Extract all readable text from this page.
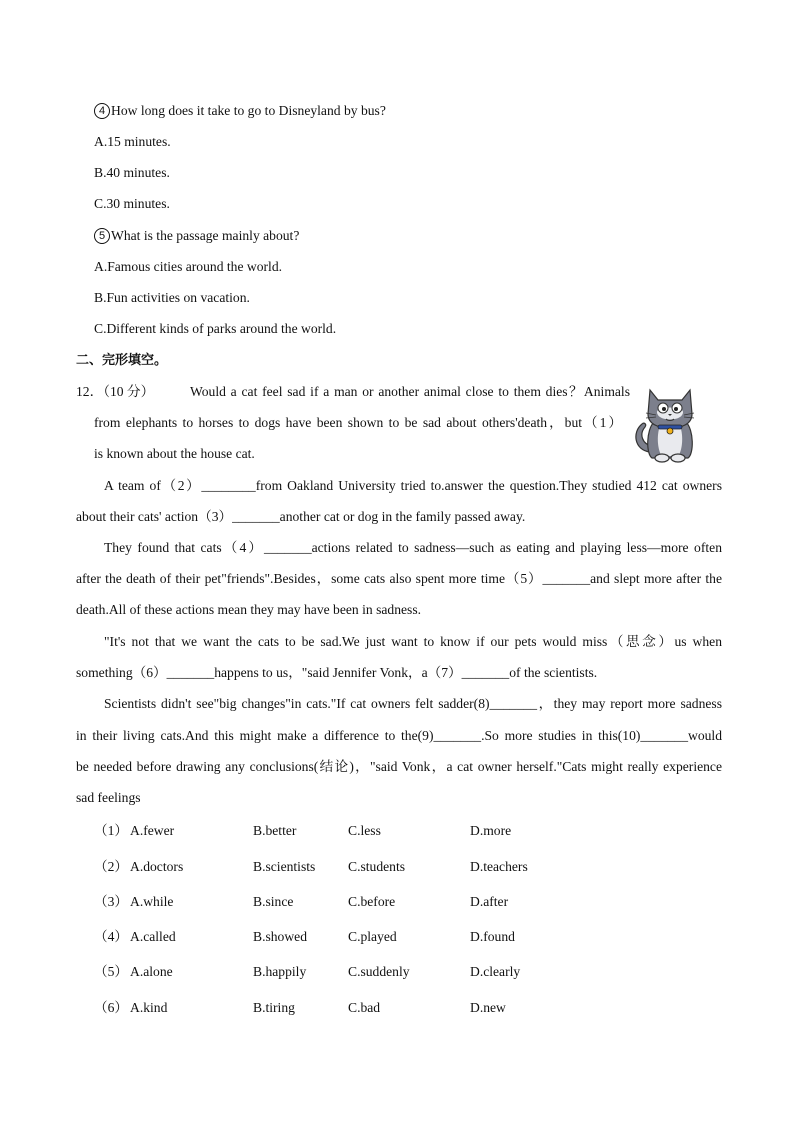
4 How long does it take to go to Disneyland by bus?
A.15 minutes.
B.40 minutes.
C.30 minutes.
5 What is the passage mainly about?
A.Famous cities around the world.
B.Fun activities on vacation.
C.Different kinds of parks around the world.
二、完形填空。
12．（10 分）	Would a cat feel sad if a man or another animal close to them dies？Animals
from elephants to horses to dogs have been shown to be sad about others'death，but（1）
is known about the house cat.
A team of（2）________from Oakland University tried to.answer the question.They studied 412 cat owners
about their cats' action（3）_______another cat or dog in the family passed away.
They found that cats（4）_______actions related to sadness—such as eating and playing less—more often
after the death of their pet"friends".Besides，some cats also spent more time（5）_______and slept more after the
death.All of these actions mean they may have been in sadness.
"It's not that we want the cats to be sad.We just want to know if our pets would miss（思念）us when
something（6）_______happens to us，"said Jennifer Vonk，a（7）_______of the scientists.
Scientists didn't see"big changes"in cats."If cat owners felt sadder(8)_______，they may report more sadness
in their living cats.And this might make a difference to the(9)_______.So more studies in this(10)_______would
be needed before drawing any conclusions(结论)，"said Vonk，a cat owner herself."Cats might really experience
sad feelings
（1） A.fewer	B.better	C.less	D.more
（2） A.doctors	B.scientists C.students	D.teachers
（3） A.while	B.since	C.before	D.after
（4） A.called	B.showed	C.played	D.found
（5） A.alone	B.happily	C.suddenly	D.clearly
（6） A.kind	B.tiring	C.bad	D.new
